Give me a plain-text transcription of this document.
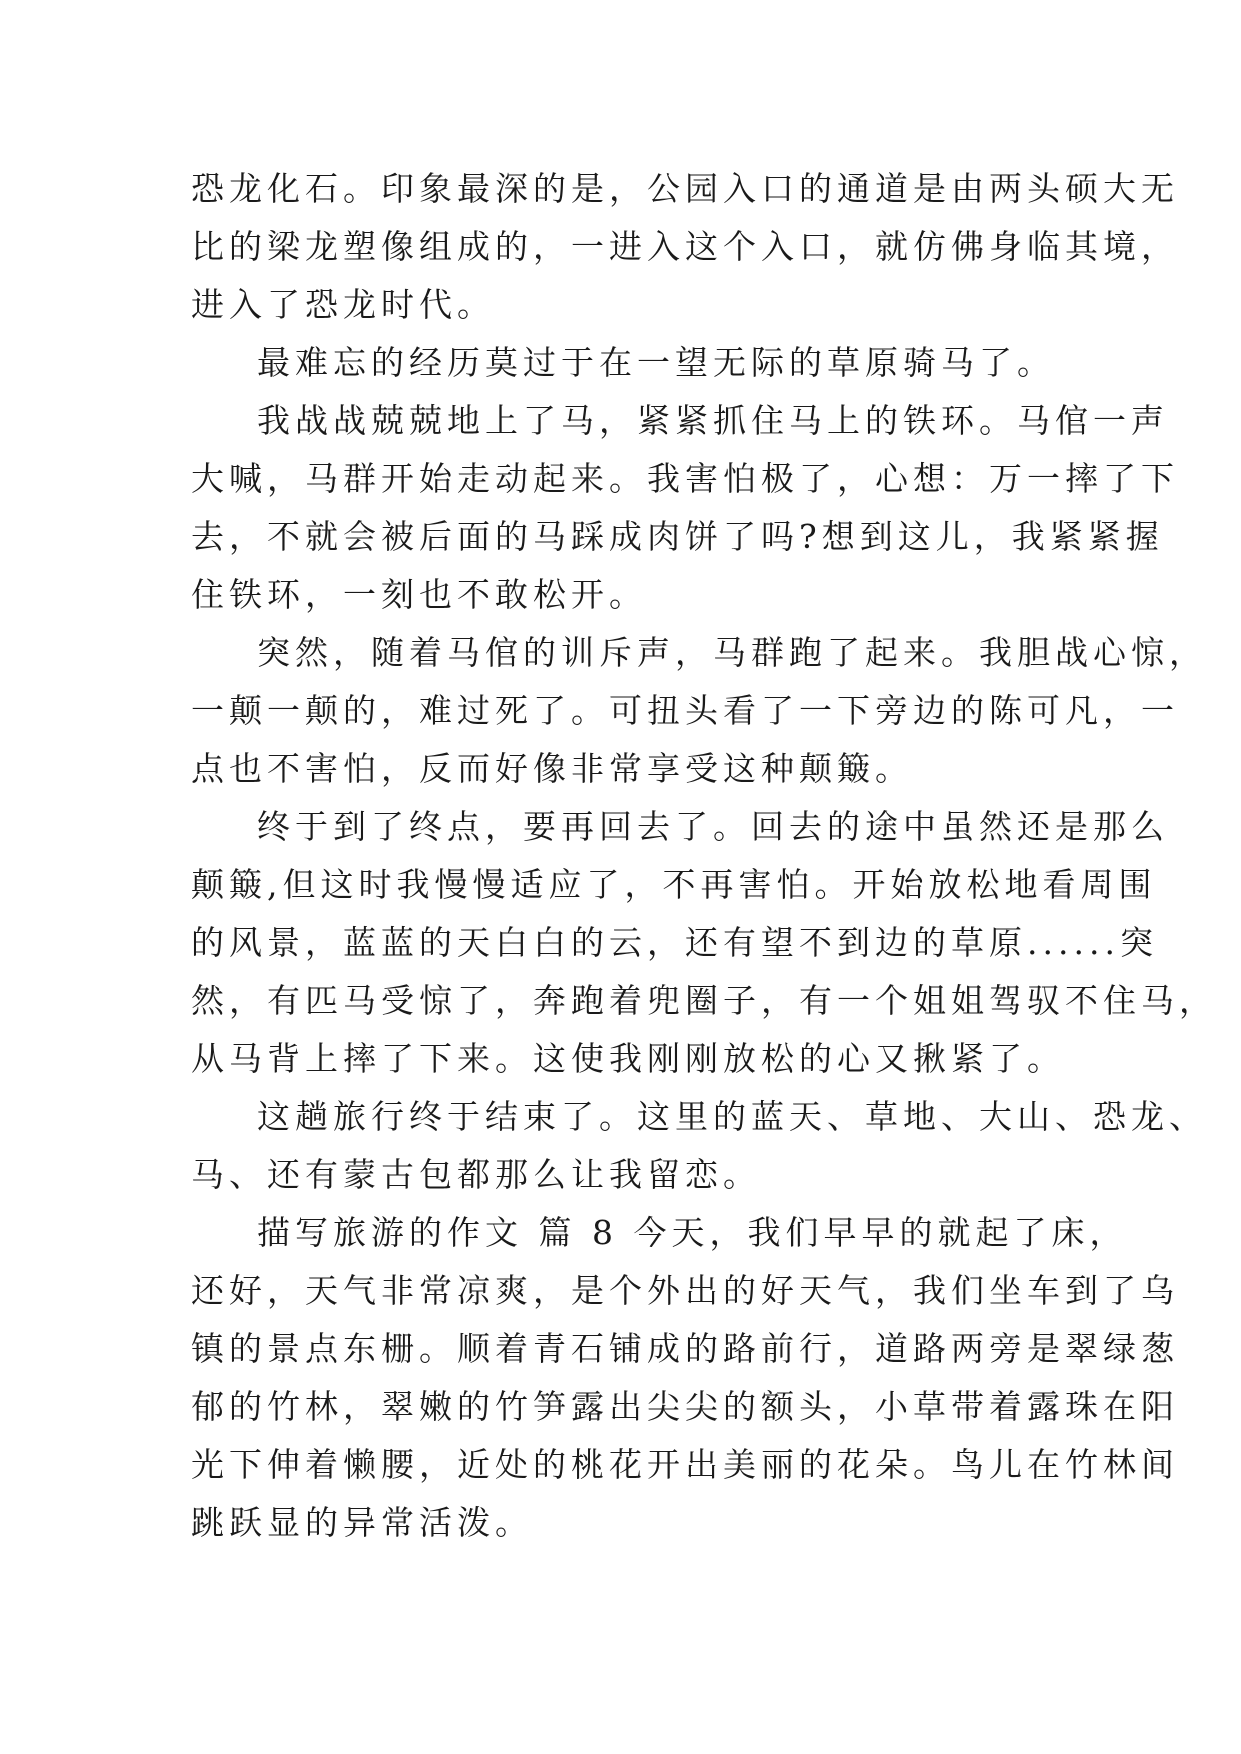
恐龙化石。印象最深的是，公园入口的通道是由两头硕大无
比的梁龙塑像组成的，一进入这个入口，就仿佛身临其境，
进入了恐龙时代。
最难忘的经历莫过于在一望无际的草原骑马了。
我战战兢兢地上了马，紧紧抓住马上的铁环。马倌一声
大喊，马群开始走动起来。我害怕极了，心想：万一摔了下
去，不就会被后面的马踩成肉饼了吗?想到这儿，我紧紧握
住铁环，一刻也不敢松开。
突然，随着马倌的训斥声，马群跑了起来。我胆战心惊，
一颠一颠的，难过死了。可扭头看了一下旁边的陈可凡，一
点也不害怕，反而好像非常享受这种颠簸。
终于到了终点，要再回去了。回去的途中虽然还是那么
颠簸,但这时我慢慢适应了，不再害怕。开始放松地看周围
的风景，蓝蓝的天白白的云，还有望不到边的草原......突
然，有匹马受惊了，奔跑着兜圈子，有一个姐姐驾驭不住马，
从马背上摔了下来。这使我刚刚放松的心又揪紧了。
这趟旅行终于结束了。这里的蓝天、草地、大山、恐龙、
马、还有蒙古包都那么让我留恋。
描写旅游的作文 篇 8 今天，我们早早的就起了床，
还好，天气非常凉爽，是个外出的好天气，我们坐车到了乌
镇的景点东栅。顺着青石铺成的路前行，道路两旁是翠绿葱
郁的竹林，翠嫩的竹笋露出尖尖的额头，小草带着露珠在阳
光下伸着懒腰，近处的桃花开出美丽的花朵。鸟儿在竹林间
跳跃显的异常活泼。
